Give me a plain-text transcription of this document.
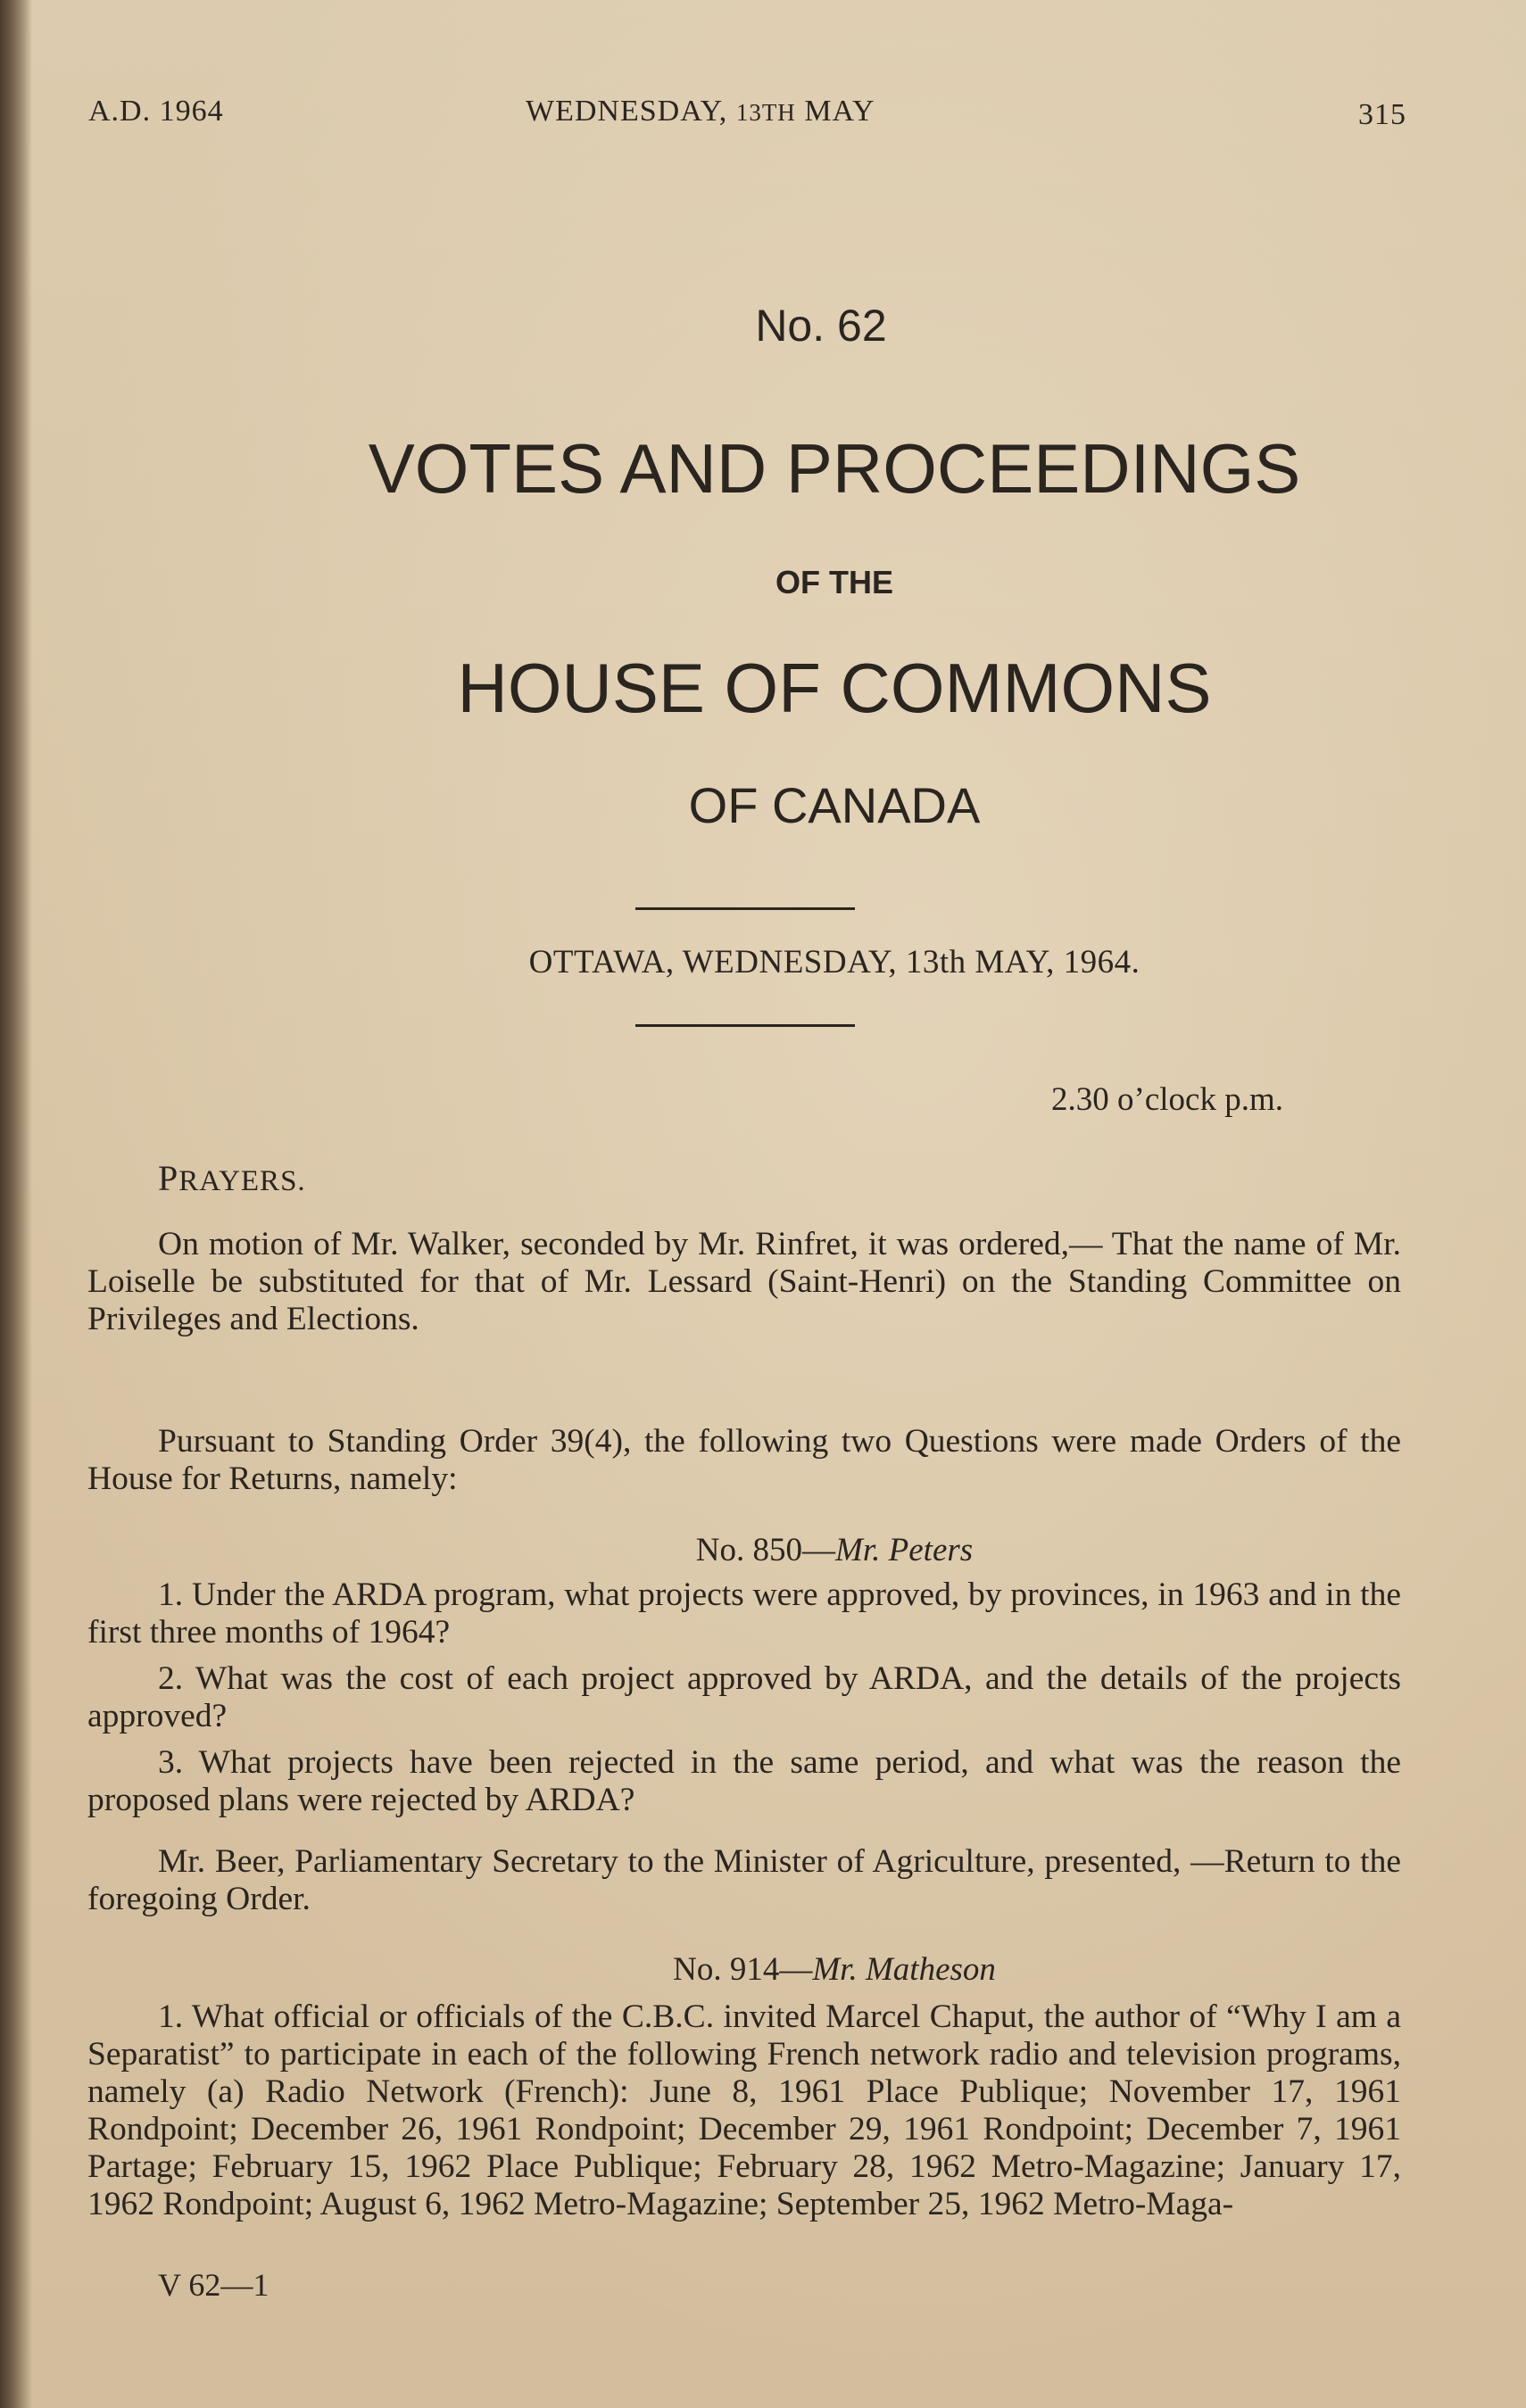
A.D. 1964	WEDNESDAY, 13TH MAY	315
No. 62
VOTES AND PROCEEDINGS
OF THE
HOUSE OF COMMONS
OF CANADA
OTTAWA, WEDNESDAY, 13th MAY, 1964.
2.30 o’clock p.m.
PRAYERS.

On motion of Mr. Walker, seconded by Mr. Rinfret, it was ordered,— That the name of Mr. Loiselle be substituted for that of Mr. Lessard (Saint-Henri) on the Standing Committee on Privileges and Elections.

Pursuant to Standing Order 39(4), the following two Questions were made Orders of the House for Returns, namely:

No. 850—Mr. Peters

1. Under the ARDA program, what projects were approved, by provinces, in 1963 and in the first three months of 1964?

2. What was the cost of each project approved by ARDA, and the details of the projects approved?

3. What projects have been rejected in the same period, and what was the reason the proposed plans were rejected by ARDA?

Mr. Beer, Parliamentary Secretary to the Minister of Agriculture, presented, —Return to the foregoing Order.

No. 914—Mr. Matheson

1. What official or officials of the C.B.C. invited Marcel Chaput, the author of “Why I am a Separatist” to participate in each of the following French network radio and television programs, namely (a) Radio Network (French): June 8, 1961 Place Publique; November 17, 1961 Rondpoint; December 26, 1961 Rondpoint; December 29, 1961 Rondpoint; December 7, 1961 Partage; February 15, 1962 Place Publique; February 28, 1962 Metro-Magazine; January 17, 1962 Rondpoint; August 6, 1962 Metro-Magazine; September 25, 1962 Metro-Maga-

V 62—1
